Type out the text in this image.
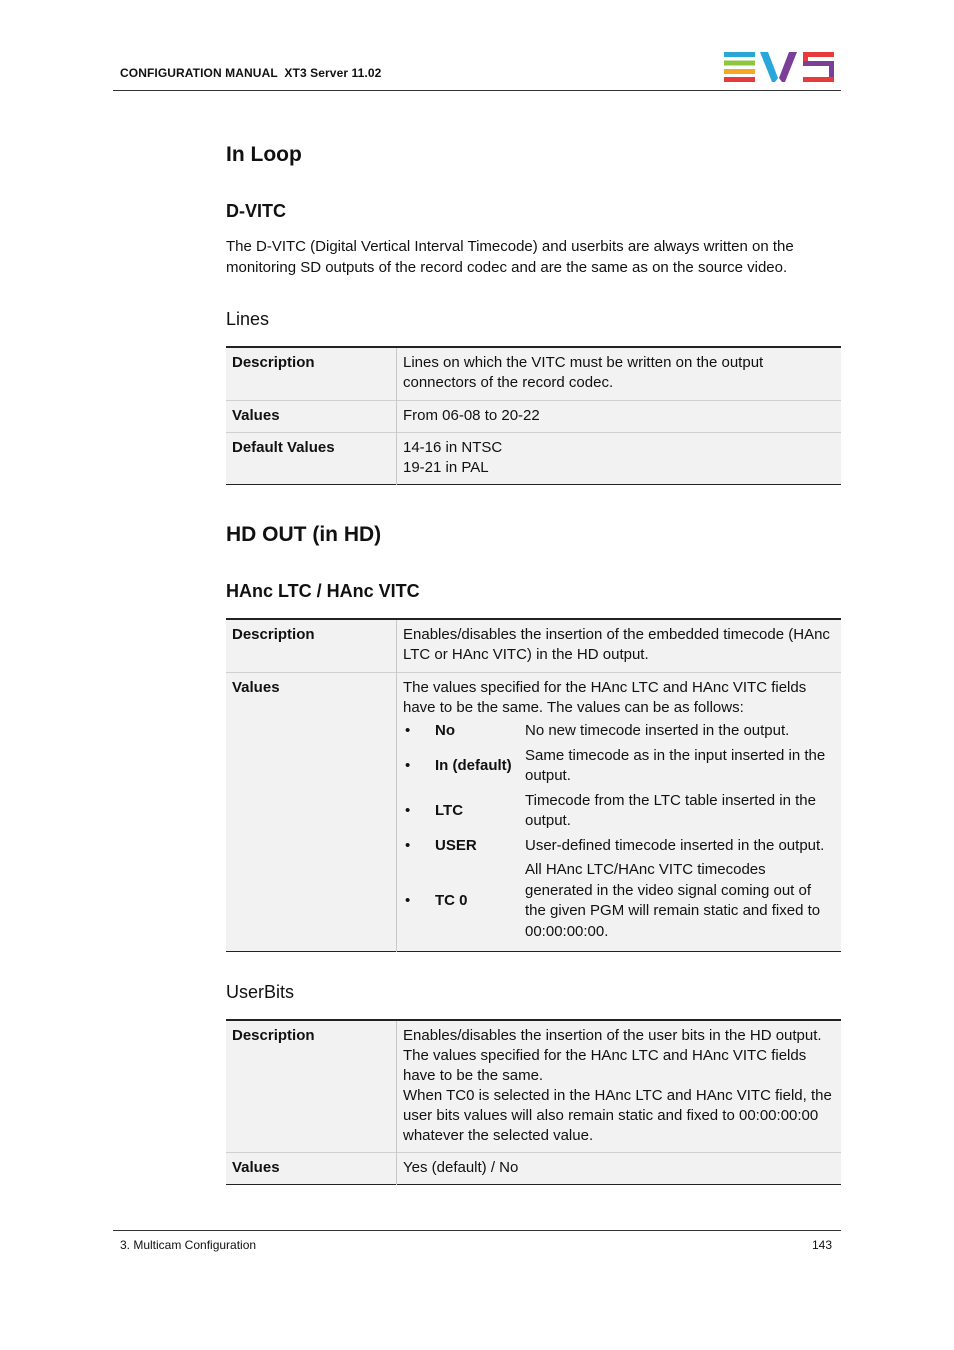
CONFIGURATION MANUAL  XT3 Server 11.02
In Loop
D-VITC

The D-VITC (Digital Vertical Interval Timecode) and userbits are always written on the monitoring SD outputs of the record codec and are the same as on the source video.

Lines
Description	Lines on which the VITC must be written on the output connectors of the record codec.
Values	From 06-08 to 20-22
Default Values	14-16 in NTSC
19-21 in PAL
HD OUT (in HD)
HAnc LTC / HAnc VITC
Description	Enables/disables the insertion of the embedded timecode (HAnc LTC or HAnc VITC) in the HD output.
Values	The values specified for the HAnc LTC and HAnc VITC fields have to be the same. The values can be as follows:
•	No	No new timecode inserted in the output.
•	In (default)	Same timecode as in the input inserted in the output.
•	LTC	Timecode from the LTC table inserted in the output.
•	USER	User-defined timecode inserted in the output.
•	TC 0	All HAnc LTC/HAnc VITC timecodes generated in the video signal coming out of the given PGM will remain static and fixed to 00:00:00:00.
UserBits
Description	Enables/disables the insertion of the user bits in the HD output. The values specified for the HAnc LTC and HAnc VITC fields have to be the same.
When TC0 is selected in the HAnc LTC and HAnc VITC field, the user bits values will also remain static and fixed to 00:00:00:00 whatever the selected value.

Values	Yes (default) / No
3. Multicam Configuration	143
